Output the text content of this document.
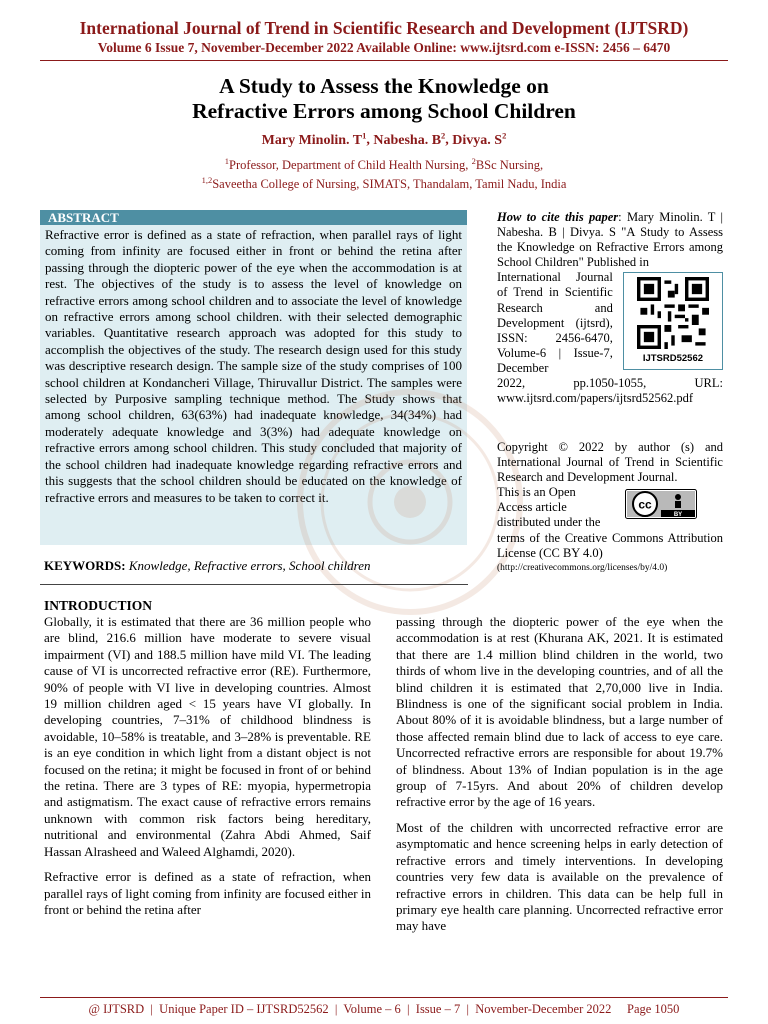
International Journal of Trend in Scientific Research and Development (IJTSRD)
Volume 6 Issue 7, November-December 2022 Available Online: www.ijtsrd.com e-ISSN: 2456 – 6470
A Study to Assess the Knowledge on
Refractive Errors among School Children
Mary Minolin. $T^1$, Nabesha. $B^2$, Divya. $S^2$
$^1$Professor, Department of Child Health Nursing, $^2$BSc Nursing,
$^{1,2}$Saveetha College of Nursing, SIMATS, Thandalam, Tamil Nadu, India
ABSTRACT
Refractive error is defined as a state of refraction, when parallel rays of light coming from infinity are focused either in front or behind the retina after passing through the diopteric power of the eye when the accommodation is at rest. The objectives of the study is to assess the level of knowledge on refractive errors among school children and to associate the level of knowledge on refractive errors among school children. with their selected demographic variables. Quantitative research approach was adopted for this study to accomplish the objectives of the study. The research design used for this study was descriptive research design. The sample size of the study comprises of 100 school children at Kondancheri Village, Thiruvallur District. The samples were selected by Purposive sampling technique method. The Study shows that among school children, 63(63%) had inadequate knowledge, 34(34%) had moderately adequate knowledge and 3(3%) had adequate knowledge on refractive errors among school children. This study concluded that majority of the school children had inadequate knowledge regarding refractive errors and this suggests that the school children should be educated on the knowledge of refractive errors and measures to be taken to correct it.
KEYWORDS: Knowledge, Refractive errors, School children
How to cite this paper: Mary Minolin. T | Nabesha. B | Divya. S "A Study to Assess the Knowledge on Refractive Errors among School Children" Published in
International Journal of Trend in Scientific Research and Development (ijtsrd), ISSN: 2456-6470, Volume-6 | Issue-7, December
IJTSRD52562
2022, pp.1050-1055, URL: www.ijtsrd.com/papers/ijtsrd52562.pdf
Copyright © 2022 by author (s) and International Journal of Trend in Scientific Research and Development Journal.
This is an Open Access article distributed under the
cc
BY
terms of the Creative Commons Attribution License (CC BY 4.0)
(http://creativecommons.org/licenses/by/4.0)
INTRODUCTION

Globally, it is estimated that there are 36 million people who are blind, 216.6 million have moderate to severe visual impairment (VI) and 188.5 million have mild VI. The leading cause of VI is uncorrected refractive error (RE). Furthermore, 90% of people with VI live in developing countries. Almost 19 million children aged < 15 years have VI globally. In developing countries, 7–31% of childhood blindness is avoidable, 10–58% is treatable, and 3–28% is preventable. RE is an eye condition in which light from a distant object is not focused on the retina; it might be focused in front of or behind the retina. There are 3 types of RE: myopia, hypermetropia and astigmatism. The exact cause of refractive errors remains unknown with common risk factors being hereditary, nutritional and environmental (Zahra Abdi Ahmed, Saif Hassan Alrasheed and Waleed Alghamdi, 2020).

Refractive error is defined as a state of refraction, when parallel rays of light coming from infinity are focused either in front or behind the retina after

passing through the diopteric power of the eye when the accommodation is at rest (Khurana AK, 2021. It is estimated that there are 1.4 million blind children in the world, two thirds of whom live in the developing countries, and of all the blind children it is estimated that 2,70,000 live in India. Blindness is one of the significant social problem in India. About 80% of it is avoidable blindness, but a large number of those affected remain blind due to lack of access to eye care. Uncorrected refractive errors are responsible for about 19.7% of blindness. About 13% of Indian population is in the age group of 7-15yrs. And about 20% of children develop refractive error by the age of 16 years.

Most of the children with uncorrected refractive error are asymptomatic and hence screening helps in early detection of refractive errors and timely interventions. In developing countries very few data is available on the prevalence of refractive errors in children. This data can be help full in primary eye health care planning. Uncorrected refractive error may have

@ IJTSRD  |  Unique Paper ID – IJTSRD52562  |  Volume – 6  |  Issue – 7  |  November-December 2022     Page 1050
